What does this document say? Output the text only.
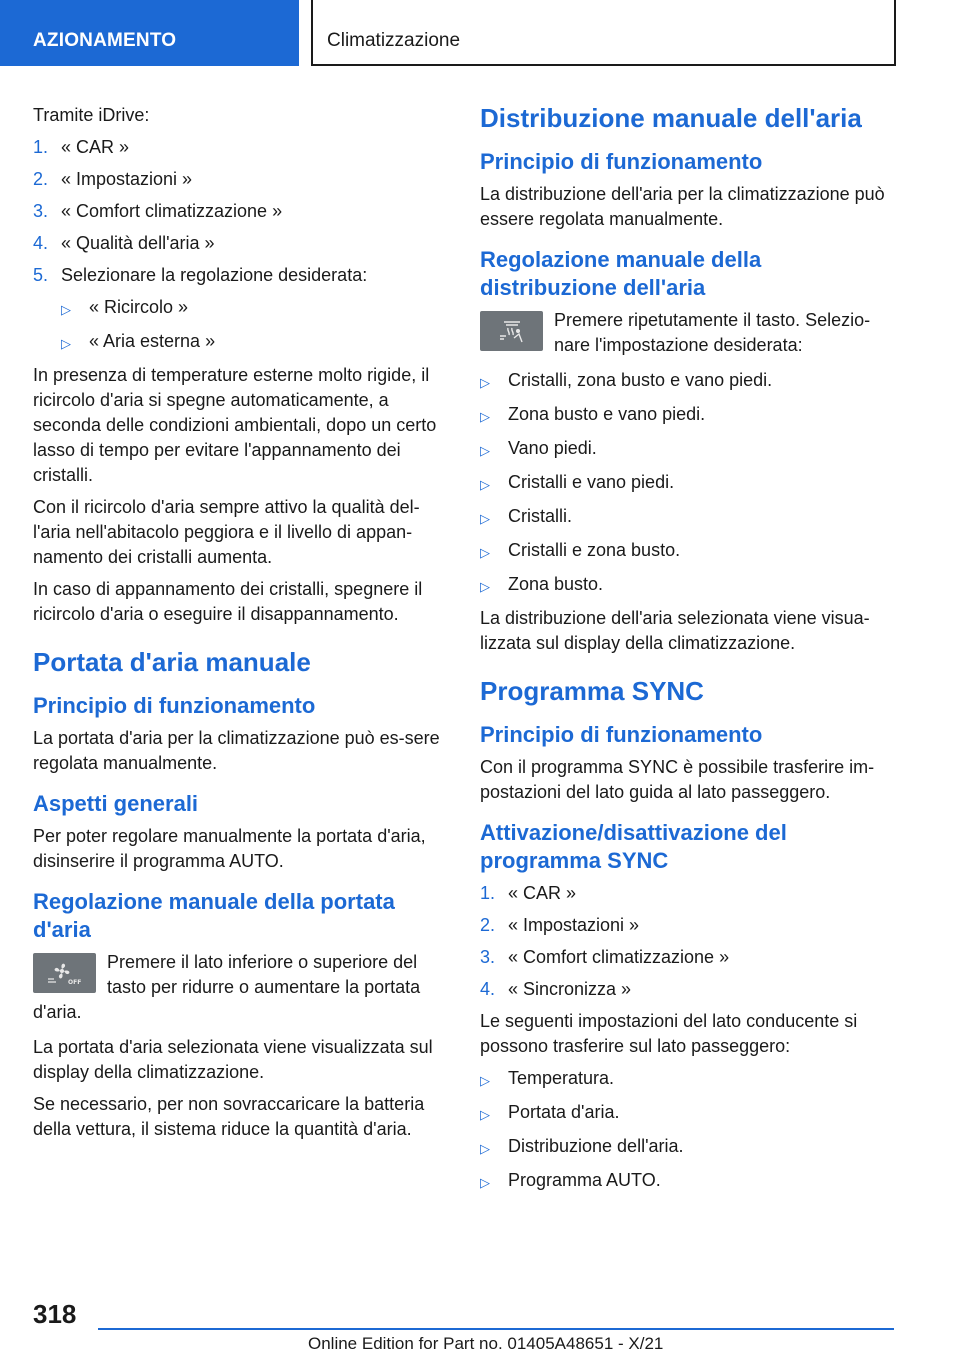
AZIONAMENTO	Climatizzazione

Tramite iDrive:

1. « CAR »
2. « Impostazioni »
3. « Comfort climatizzazione »
4. « Qualità dell'aria »
5. Selezionare la regolazione desiderata:
▷	« Ricircolo »
▷	« Aria esterna »

In presenza di temperature esterne molto rigide, il ricircolo d'aria si spegne automaticamente, a seconda delle condizioni ambientali, dopo un certo lasso di tempo per evitare l'appannamento dei cristalli.

Con il ricircolo d'aria sempre attivo la qualità del‐l'aria nell'abitacolo peggiora e il livello di appan‐namento dei cristalli aumenta.

In caso di appannamento dei cristalli, spegnere il ricircolo d'aria o eseguire il disappannamento.

Portata d'aria manuale
Principio di funzionamento

La portata d'aria per la climatizzazione può es‐sere regolata manualmente.

Aspetti generali

Per poter regolare manualmente la portata d'aria, disinserire il programma AUTO.

Regolazione manuale della portata d'aria
OFF

Premere il lato inferiore o superiore del tasto per ridurre o aumentare la portata d'aria.

La portata d'aria selezionata viene visualizzata sul display della climatizzazione.

Se necessario, per non sovraccaricare la batteria della vettura, il sistema riduce la quantità d'aria.

Distribuzione manuale dell'aria
Principio di funzionamento

La distribuzione dell'aria per la climatizzazione può essere regolata manualmente.

Regolazione manuale della distribuzione dell'aria

Premere ripetutamente il tasto. Selezio‐nare l'impostazione desiderata:

▷	Cristalli, zona busto e vano piedi.
▷	Zona busto e vano piedi.
▷	Vano piedi.
▷	Cristalli e vano piedi.
▷	Cristalli.
▷	Cristalli e zona busto.
▷	Zona busto.

La distribuzione dell'aria selezionata viene visua‐lizzata sul display della climatizzazione.

Programma SYNC
Principio di funzionamento

Con il programma SYNC è possibile trasferire im‐postazioni del lato guida al lato passeggero.

Attivazione/disattivazione del programma SYNC
1. « CAR »
2. « Impostazioni »
3. « Comfort climatizzazione »
4. « Sincronizza »

Le seguenti impostazioni del lato conducente si possono trasferire sul lato passeggero:

▷	Temperatura.
▷	Portata d'aria.
▷	Distribuzione dell'aria.
▷	Programma AUTO.
318
Online Edition for Part no. 01405A48651 - X/21
